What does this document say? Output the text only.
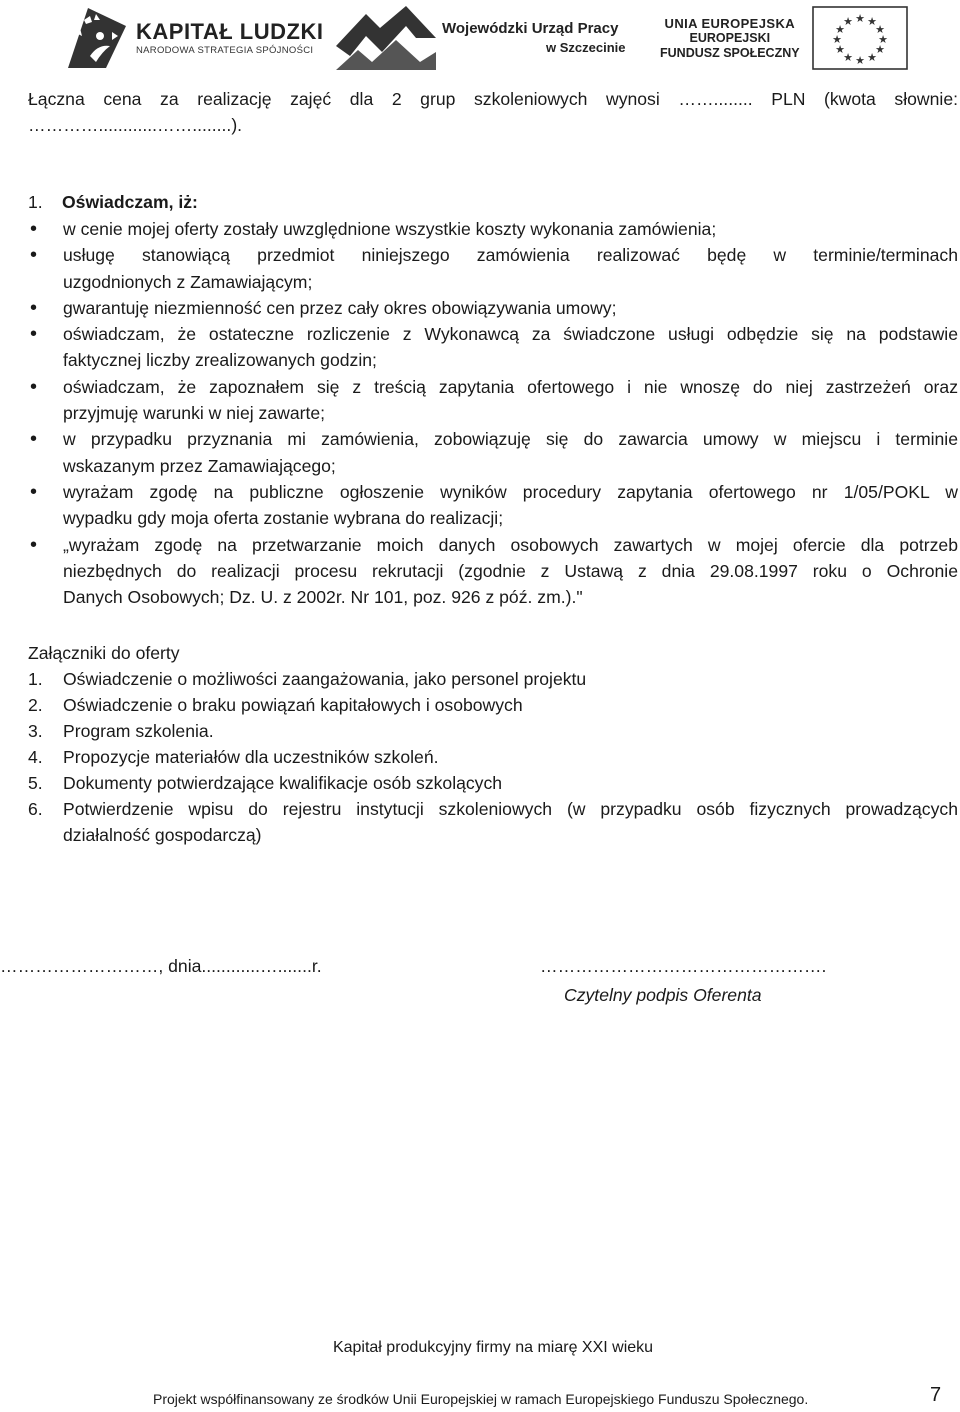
KAPITAŁ LUDZKI
NARODOWA STRATEGIA SPÓJNOŚCI
Wojewódzki Urząd Pracy
w Szczecinie
UNIA EUROPEJSKA
EUROPEJSKI
FUNDUSZ SPOŁECZNY
★ ★
★
★
★
★
★
★
★
★
★
★
Łączna cena za realizację zajęć dla 2 grup szkoleniowych wynosi ……........ PLN (kwota słownie:
…………............……........).
1. Oświadczam, iż:
• w cenie mojej oferty zostały uwzględnione wszystkie koszty wykonania zamówienia;
• usługę stanowiącą przedmiot niniejszego zamówienia realizować będę w terminie/terminach
uzgodnionych z Zamawiającym;
• gwarantuję niezmienność cen przez cały okres obowiązywania umowy;
• oświadczam, że ostateczne rozliczenie z Wykonawcą za świadczone usługi odbędzie się na podstawie
faktycznej liczby zrealizowanych godzin;
• oświadczam, że zapoznałem się z treścią zapytania ofertowego i nie wnoszę do niej zastrzeżeń oraz
przyjmuję warunki w niej zawarte;
• w przypadku przyznania mi zamówienia, zobowiązuję się do zawarcia umowy w miejscu i terminie
wskazanym przez Zamawiającego;
• wyrażam zgodę na publiczne ogłoszenie wyników procedury zapytania ofertowego nr 1/05/POKL w
wypadku gdy moja oferta zostanie wybrana do realizacji;
• „wyrażam zgodę na przetwarzanie moich danych osobowych zawartych w mojej ofercie dla potrzeb
niezbędnych do realizacji procesu rekrutacji (zgodnie z Ustawą z dnia 29.08.1997 roku o Ochronie
Danych Osobowych; Dz. U. z 2002r. Nr 101, poz. 926 z póź. zm.)."
Załączniki do oferty
1. Oświadczenie o możliwości zaangażowania, jako personel projektu
2. Oświadczenie o braku powiązań kapitałowych i osobowych
3. Program szkolenia.
4. Propozycje materiałów dla uczestników szkoleń.
5. Dokumenty potwierdzające kwalifikacje osób szkolących
6. Potwierdzenie wpisu do rejestru instytucji szkoleniowych (w przypadku osób fizycznych prowadzących
działalność gospodarczą)
………………………, dnia............….......r.	………………………………………….
Czytelny podpis Oferenta
Kapitał produkcyjny firmy na miarę XXI wieku
Projekt współfinansowany ze środków Unii Europejskiej w ramach Europejskiego Funduszu Społecznego.	7
